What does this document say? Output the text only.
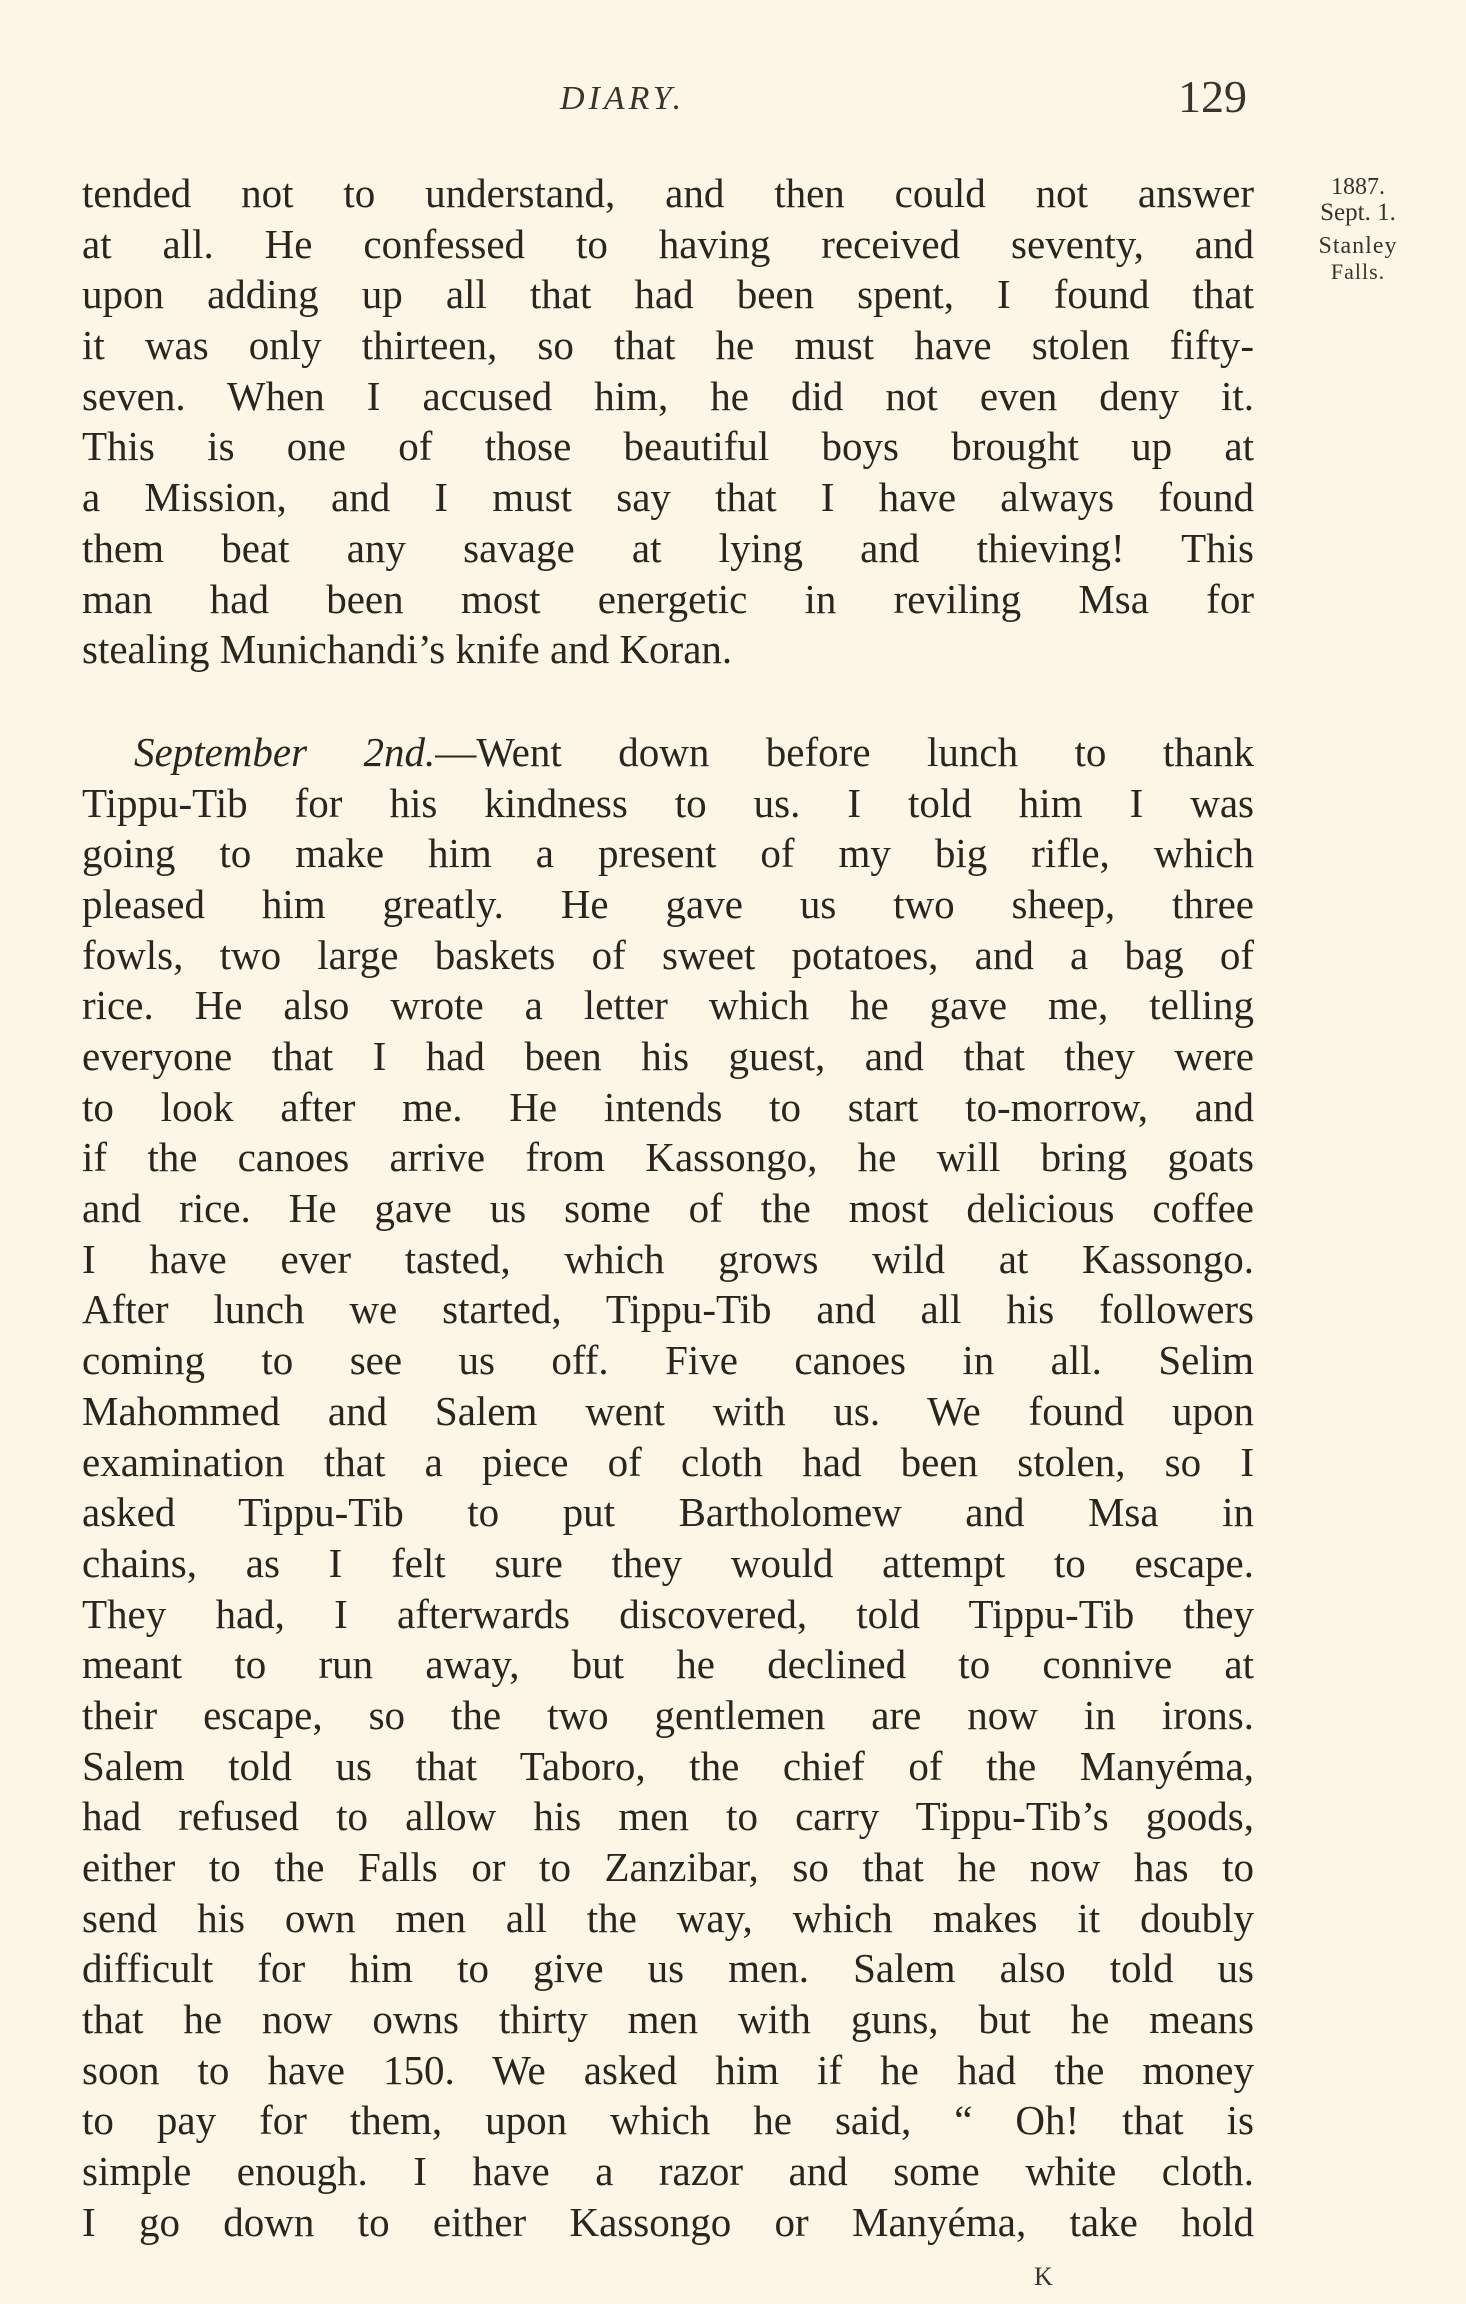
DIARY.	129
1887.
Sept. 1.
Stanley
Falls.
tended not to understand, and then could not answer
at all. He confessed to having received seventy, and
upon adding up all that had been spent, I found that
it was only thirteen, so that he must have stolen fifty-
seven. When I accused him, he did not even deny it.
This is one of those beautiful boys brought up at
a Mission, and I must say that I have always found
them beat any savage at lying and thieving! This
man had been most energetic in reviling Msa for
stealing Munichandi’s knife and Koran.
September 2nd.—Went down before lunch to thank
Tippu-Tib for his kindness to us. I told him I was
going to make him a present of my big rifle, which
pleased him greatly. He gave us two sheep, three
fowls, two large baskets of sweet potatoes, and a bag of
rice. He also wrote a letter which he gave me, telling
everyone that I had been his guest, and that they were
to look after me. He intends to start to-morrow, and
if the canoes arrive from Kassongo, he will bring goats
and rice. He gave us some of the most delicious coffee
I have ever tasted, which grows wild at Kassongo.
After lunch we started, Tippu-Tib and all his followers
coming to see us off. Five canoes in all. Selim
Mahommed and Salem went with us. We found upon
examination that a piece of cloth had been stolen, so I
asked Tippu-Tib to put Bartholomew and Msa in
chains, as I felt sure they would attempt to escape.
They had, I afterwards discovered, told Tippu-Tib they
meant to run away, but he declined to connive at
their escape, so the two gentlemen are now in irons.
Salem told us that Taboro, the chief of the Manyéma,
had refused to allow his men to carry Tippu-Tib’s goods,
either to the Falls or to Zanzibar, so that he now has to
send his own men all the way, which makes it doubly
difficult for him to give us men. Salem also told us
that he now owns thirty men with guns, but he means
soon to have 150. We asked him if he had the money
to pay for them, upon which he said, “ Oh! that is
simple enough. I have a razor and some white cloth.
I go down to either Kassongo or Manyéma, take hold
K
